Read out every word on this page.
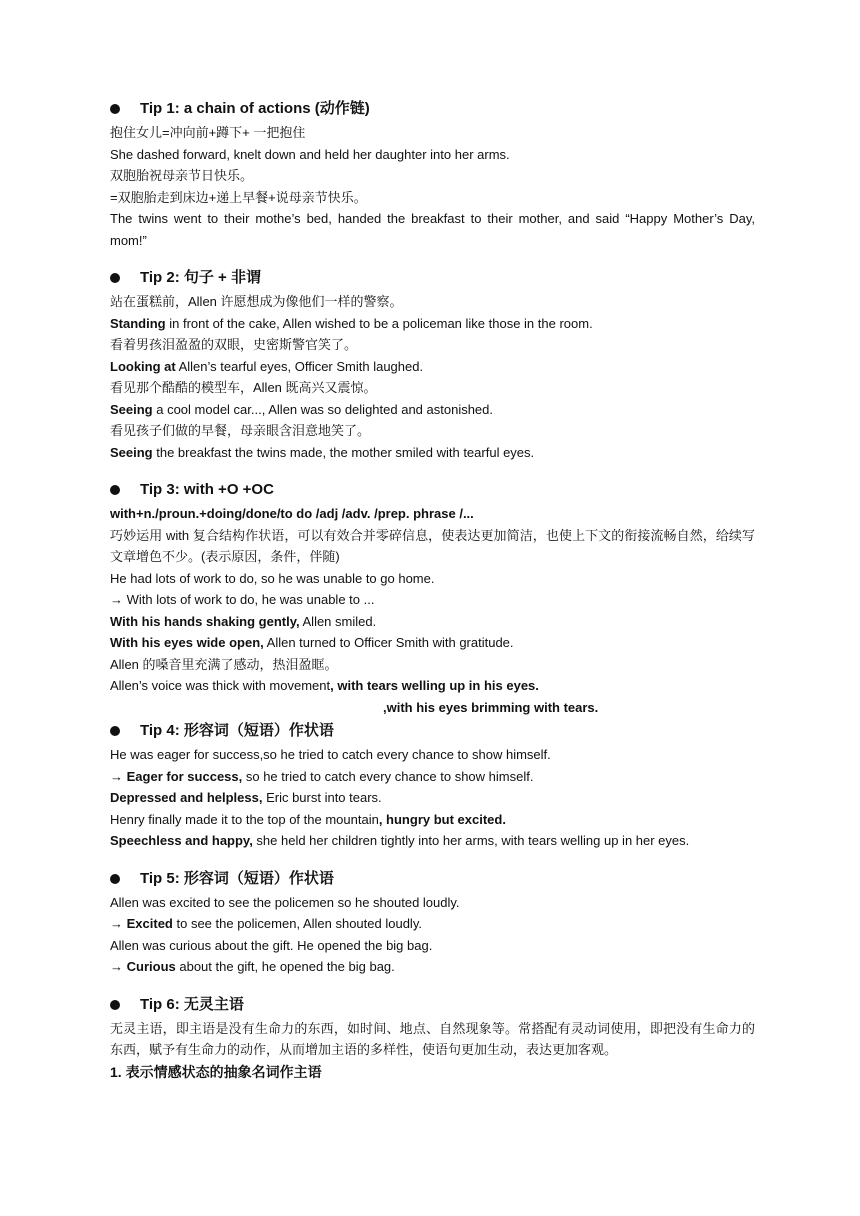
Tip 1: a chain of actions (动作链)
抱住女儿=冲向前+蹲下+ 一把抱住
She dashed forward, knelt down and held her daughter into her arms.
双胞胎祝母亲节日快乐。
=双胞胎走到床边+递上早餐+说母亲节快乐。
The twins went to their mothe’s bed, handed the breakfast to their mother, and said “Happy Mother’s Day, mom!”
Tip 2: 句子 + 非谓
站在蛋糕前，Allen 许愿想成为像他们一样的警察。
Standing in front of the cake, Allen wished to be a policeman like those in the room.
看着男孩泪盈盈的双眼，史密斯警官笑了。
Looking at Allen’s tearful eyes, Officer Smith laughed.
看见那个酷酷的模型车，Allen 既高兴又震惊。
Seeing a cool model car..., Allen was so delighted and astonished.
看见孩子们做的早餐，母亲眼含泪意地笑了。
Seeing the breakfast the twins made, the mother smiled with tearful eyes.
Tip 3: with +O +OC
with+n./proun.+doing/done/to do /adj /adv. /prep. phrase /...
巧妙运用 with 复合结构作状语，可以有效合并零碎信息，使表达更加简洁，也使上下文的衔接流畅自然，给续写文章增色不少。(表示原因，条件，伴随)
He had lots of work to do, so he was unable to go home.
→ With lots of work to do, he was unable to ...
With his hands shaking gently, Allen smiled.
With his eyes wide open, Allen turned to Officer Smith with gratitude.
Allen 的嗓音里充满了感动，热泪盈眶。
Allen’s voice was thick with movement, with tears welling up in his eyes.
,with his eyes brimming with tears.
Tip 4: 形容词（短语）作状语
He was eager for success,so he tried to catch every chance to show himself.
→ Eager for success, so he tried to catch every chance to show himself.
Depressed and helpless, Eric burst into tears.
Henry finally made it to the top of the mountain, hungry but excited.
Speechless and happy, she held her children tightly into her arms, with tears welling up in her eyes.
Tip 5: 形容词（短语）作状语
Allen was excited to see the policemen so he shouted loudly.
→ Excited to see the policemen, Allen shouted loudly.
Allen was curious about the gift. He opened the big bag.
→ Curious about the gift, he opened the big bag.
Tip 6: 无灵主语
无灵主语，即主语是没有生命力的东西，如时间、地点、自然现象等。常搭配有灵动词使用，即把没有生命力的东西，赋予有生命力的动作，从而增加主语的多样性，使语句更加生动，表达更加客观。
1. 表示情感状态的抽象名词作主语
